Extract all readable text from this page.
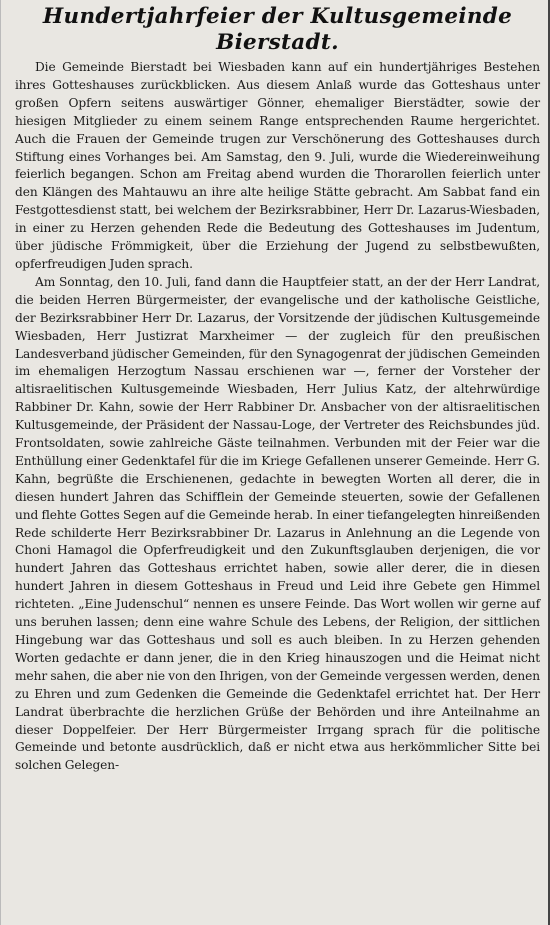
Hundertjahrfeier der Kultusgemeinde
Bierstadt.

Die Gemeinde Bierstadt bei Wiesbaden kann auf ein hundertjähriges Bestehen ihres Gotteshauses zurückblicken. Aus diesem Anlaß wurde das Gotteshaus unter großen Opfern seitens auswärtiger Gönner, ehemaliger Bierstädter, sowie der hiesigen Mitglieder zu einem seinem Range entsprechenden Raume hergerichtet. Auch die Frauen der Gemeinde trugen zur Verschönerung des Gotteshauses durch Stiftung eines Vorhanges bei. Am Samstag, den 9. Juli, wurde die Wiedereinweihung feierlich begangen. Schon am Freitag abend wurden die Thorarollen feierlich unter den Klängen des Mahtauwu an ihre alte heilige Stätte gebracht. Am Sabbat fand ein Festgottesdienst statt, bei welchem der Bezirksrabbiner, Herr Dr. Lazarus-Wiesbaden, in einer zu Herzen gehenden Rede die Bedeutung des Gotteshauses im Judentum, über jüdische Frömmigkeit, über die Erziehung der Jugend zu selbstbewußten, opferfreudigen Juden sprach.

Am Sonntag, den 10. Juli, fand dann die Hauptfeier statt, an der der Herr Landrat, die beiden Herren Bürgermeister, der evangelische und der katholische Geistliche, der Bezirksrabbiner Herr Dr. Lazarus, der Vorsitzende der jüdischen Kultusgemeinde Wiesbaden, Herr Justizrat Marxheimer — der zugleich für den preußischen Landesverband jüdischer Gemeinden, für den Synagogenrat der jüdischen Gemeinden im ehemaligen Herzogtum Nassau erschienen war —, ferner der Vorsteher der altisraelitischen Kultusgemeinde Wiesbaden, Herr Julius Katz, der altehrwürdige Rabbiner Dr. Kahn, sowie der Herr Rabbiner Dr. Ansbacher von der altisraelitischen Kultusgemeinde, der Präsident der Nassau-Loge, der Vertreter des Reichsbundes jüd. Frontsoldaten, sowie zahlreiche Gäste teilnahmen. Verbunden mit der Feier war die Enthüllung einer Gedenktafel für die im Kriege Gefallenen unserer Gemeinde. Herr G. Kahn, begrüßte die Erschienenen, gedachte in bewegten Worten all derer, die in diesen hundert Jahren das Schifflein der Gemeinde steuerten, sowie der Gefallenen und flehte Gottes Segen auf die Gemeinde herab. In einer tiefangelegten hinreißenden Rede schilderte Herr Bezirksrabbiner Dr. Lazarus in Anlehnung an die Legende von Choni Hamagol die Opferfreudigkeit und den Zukunftsglauben derjenigen, die vor hundert Jahren das Gotteshaus errichtet haben, sowie aller derer, die in diesen hundert Jahren in diesem Gotteshaus in Freud und Leid ihre Gebete gen Himmel richteten. „Eine Judenschul“ nennen es unsere Feinde. Das Wort wollen wir gerne auf uns beruhen lassen; denn eine wahre Schule des Lebens, der Religion, der sittlichen Hingebung war das Gotteshaus und soll es auch bleiben. In zu Herzen gehenden Worten gedachte er dann jener, die in den Krieg hinauszogen und die Heimat nicht mehr sahen, die aber nie von den Ihrigen, von der Gemeinde vergessen werden, denen zu Ehren und zum Gedenken die Gemeinde die Gedenktafel errichtet hat. Der Herr Landrat überbrachte die herzlichen Grüße der Behörden und ihre Anteilnahme an dieser Doppelfeier. Der Herr Bürgermeister Irrgang sprach für die politische Gemeinde und betonte ausdrücklich, daß er nicht etwa aus herkömmlicher Sitte bei solchen Gelegen-
